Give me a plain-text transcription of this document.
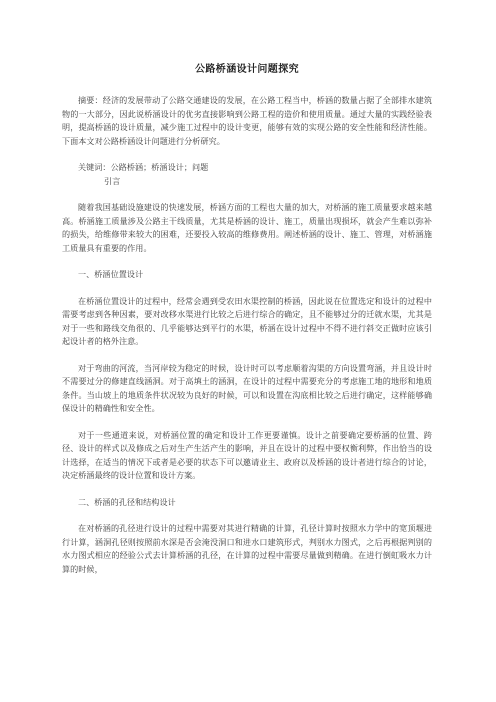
公路桥涵设计问题探究

摘要：经济的发展带动了公路交通建设的发展，在公路工程当中，桥涵的数量占据了全部排水建筑物的一大部分，因此说桥涵设计的优劣直接影响到公路工程的造价和使用质量。通过大量的实践经验表明，提高桥涵的设计质量，减少施工过程中的设计变更，能够有效的实现公路的安全性能和经济性能。下面本文对公路桥涵设计问题进行分析研究。

关键词：公路桥涵；桥涵设计；问题

引言

随着我国基础设施建设的快速发展，桥涵方面的工程也大量的加大，对桥涵的施工质量要求越来越高。桥涵施工质量涉及公路主干线质量，尤其是桥涵的设计、施工，质量出现损坏，就会产生难以弥补的损失，给维修带来较大的困难，还要投入较高的维修费用。阐述桥涵的设计、施工、管理，对桥涵施工质量具有重要的作用。

一、桥涵位置设计

在桥涵位置设计的过程中，经常会遇到受农田水渠控制的桥涵，因此说在位置选定和设计的过程中需要考虑到各种因素，要对改移水渠进行比较之后进行综合的确定，且不能够过分的迁就水渠，尤其是对于一些和路线交角很的、几乎能够达到平行的水渠，桥涵在设计过程中不得不进行斜交正做时应该引起设计者的格外注意。

对于弯曲的河流，当河岸较为稳定的时候，设计时可以考虑顺着沟渠的方向设置弯涵，并且设计时不需要过分的修建直线涵洞。对于高填土的涵洞，在设计的过程中需要充分的考虑施工地的地形和地质条件。当山坡上的地质条件状况较为良好的时候，可以和设置在沟底相比较之后进行确定，这样能够确保设计的精确性和安全性。

对于一些通道来说，对桥涵位置的确定和设计工作更要谨慎。设计之前要确定要桥涵的位置、跨径、设计的样式以及修成之后对生产生活产生的影响，并且在设计的过程中要权衡利弊，作出恰当的设计选择，在适当的情况下或者是必要的状态下可以邀请业主、政府以及桥涵的设计者进行综合的讨论，决定桥涵最终的设计位置和设计方案。

二、桥涵的孔径和结构设计

在对桥涵的孔径进行设计的过程中需要对其进行精确的计算，孔径计算时按照水力学中的宽顶堰进行计算，涵洞孔径则按照前水深是否会淹没洞口和进水口建筑形式，判别水力图式，之后再根据判别的水力图式相应的经验公式去计算桥涵的孔径，在计算的过程中需要尽量做到精确。在进行倒虹吸水力计算的时候，
